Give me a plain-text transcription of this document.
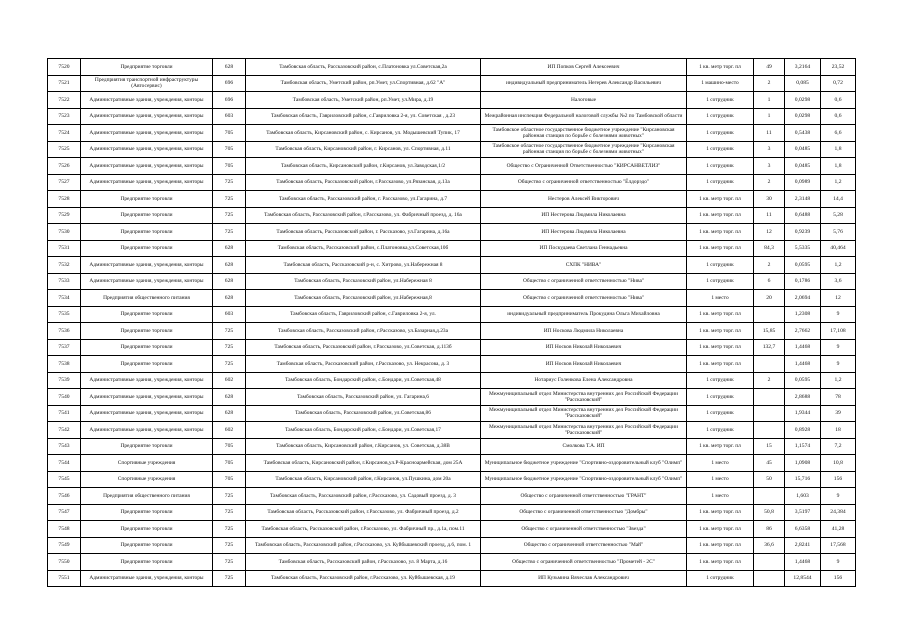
7520	Предприятие торговли	628	Тамбовская область, Рассказовский район, с.Платоновка ул.Советская,2а	ИП Попков Сергей Алексеевич	1 кв. метр торг. пл	49	3,2164	23,52
7521	Предприятия транспортной инфраструктуры (Автосервис)	696	Тамбовская область, Уметский район, рп.Умет, ул.Спортивная, д.62 "А"	индивидуальный предприниматель Негерев Александр Васильевич	1 машино-место	2	0,085	0,72
7522	Административные здания, учреждения, конторы	696	Тамбовская область, Уметский район, рп.Умет, ул.Мира, д.19	Налоговые	1 сотрудник	1	0,0298	0,6
7523	Административные здания, учреждения, конторы	603	Тамбовская область, Гавриловский район, с.Гавриловка 2-я, ул. Советская , д.23	Межрайонная инспекция Федеральной налоговой службы №2 по Тамбовской области	1 сотрудник	1	0,0298	0,6
7524	Административные здания, учреждения, конторы	705	Тамбовская область, Кирсановский район, с. Кирсанов, ул. Модышевский Тупик, 17	Тамбовское областное государственное бюджетное учреждение "Кирсановская районная станция по борьбе с болезнями животных"	1 сотрудник	11	0,5438	6,6
7525	Административные здания, учреждения, конторы	705	Тамбовская область, Кирсановский район, г. Кирсанов, ул. Спортивная, д.11	Тамбовское областное государственное бюджетное учреждение "Кирсановская районная станция по борьбе с болезнями животных"	1 сотрудник	3	0,0485	1,8
7526	Административные здания, учреждения, конторы	705	Тамбовская область, Кирсановский район, г.Кирсанов, ул.Заводская,1/2	Общество с Ограниченной Ответственностью "КИРСАНВЕТЛИЗ"	1 сотрудник	3	0,0485	1,8
7527	Административные здания, учреждения, конторы	725	Тамбовская область, Рассказовский район, г.Рассказово, ул.Рязанская, д.13а	Общество с ограниченной ответственностью "Ёлдорэдо"	1 сотрудник	2	0,0989	1,2
7528	Предприятие торговли	725	Тамбовская область, Рассказовский район, г. Рассказово, ул.Гагарина, д.7	Нестеров Алексей Викторович	1 кв. метр торг. пл	30	2,3148	14,4
7529	Предприятие торговли	725	Тамбовская область, Рассказовский район, г.Рассказово, ул. Фабричный проезд, д. 16а	ИП Нестерова Людмила Николаевна	1 кв. метр торг. пл	11	0,6488	5,28
7530	Предприятие торговли	725	Тамбовская область, Рассказовский район, г. Рассказово, ул.Гагарина, д.16а	ИП Нестерова Людмила Николаевна	1 кв. метр торг. пл	12	0,9239	5,76
7531	Предприятие торговли	628	Тамбовская область, Рассказовский район, с.Платоновка,ул.Советская,10б	ИП Поскудаева Светлана Геннадьевна	1 кв. метр торг. пл	84,3	5,5335	40,464
7532	Административные здания, учреждения, конторы	628	Тамбовская область, Рассказовский р-н, с. Хитрово, ул.Набережная 8	СХПК "НИВА"	1 сотрудник	2	0,0595	1,2
7533	Административные здания, учреждения, конторы	628	Тамбовская область, Рассказовский район, ул.Набережная 8	Общество с ограниченной ответственностью "Нива"	1 сотрудник	6	0,1786	3,6
7534	Предприятия общественного питания	628	Тамбовская область, Рассказовский район, ул.Набережная,8	Общество с ограниченной ответственностью "Нива"	1 место	20	2,0694	12
7535	Предприятие торговли	603	Тамбовская область, Гавриловский район, с.Гавриловка 2-я, ул.	индивидуальный предприниматель Прокудина Ольга Михайловна	1 кв. метр торг. пл		1,2308	9
7536	Предприятие торговли	725	Тамбовская область, Рассказовский район, г.Рассказово, ул.Базарная,д.23а	ИП Носкова Людмила Николаевна	1 кв. метр торг. пл	15,85	2,7662	17,108
7537	Предприятие торговли	725	Тамбовская область, Рассказовский район, г.Рассказово, ул.Советская, д.113б	ИП Носков Николай Николаевич	1 кв. метр торг. пл	132,7	1,4468	9
7538	Предприятие торговли	725	Тамбовская область, Рассказовский район, г.Рассказово, ул. Некрасова, д. 3	ИП Носков Николай Николаевич	1 кв. метр торг. пл		1,4468	9
7539	Административные здания, учреждения, конторы	602	Тамбовская область, Бондарский район, с.Бондари, ул.Советская,48	Нотариус Голенкова Елена Александровна	1 сотрудник	2	0,0595	1,2
7540	Административные здания, учреждения, конторы	628	Тамбовская область, Рассказовский район, ул. Гагарина,6	Межмуниципальный отдел Министерства внутренних дел Российской Федерации "Рассказовский"	1 сотрудник		2,8688	78
7541	Административные здания, учреждения, конторы	628	Тамбовская область, Рассказовский район, ул.Советская,86	Межмуниципальный отдел Министерства внутренних дел Российской Федерации "Рассказовский"	1 сотрудник		1,9344	39
7542	Административные здания, учреждения, конторы	602	Тамбовская область, Бондарский район, с.Бондари, ул.Советская,17	Межмуниципальный отдел Министерства внутренних дел Российской Федерации "Рассказовский"	1 сотрудник		0,8928	18
7543	Предприятие торговли	705	Тамбовская область, Кирсановский район, г.Кирсанов, ул. Советская, д.38В	Смолкова Т.А. ИП	1 кв. метр торг. пл	15	1,1574	7,2
7544	Спортивные учреждения	705	Тамбовская область, Кирсановский район, г.Кирсанов,ул.Р-Красноармейская, дом 25А	Муниципальное бюджетное учреждение "Спортивно-оздоровительный клуб "Олимп"	1 место	45	1,0908	10,8
7545	Спортивные учреждения	705	Тамбовская область, Кирсановский район, г.Кирсанов, ул.Пушкина, дом 20а	Муниципальное бюджетное учреждение "Спортивно-оздоровительный клуб "Олимп"	1 место	50	15,716	156
7546	Предприятия общественного питания	725	Тамбовская область, Рассказовский район, г.Рассказово, ул. Садовый проезд, д. 3	Общество с ограниченной ответственностью "ГРАНТ"	1 место		1,603	9
7547	Предприятие торговли	725	Тамбовская область, Рассказовский район, г.Рассказово, ул. Фабричный проезд, д.2	Общество с ограниченной ответственностью "Домбры"	1 кв. метр торг. пл	50,8	3,5197	24,384
7548	Предприятие торговли	725	Тамбовская область, Рассказовский район, г.Рассказово, ул. Фабричный пр., д.1а, пом.11	Общество с ограниченной ответственностью "Звезда"	1 кв. метр торг. пл	86	6,6358	41,28
7549	Предприятие торговли	725	Тамбовская область, Рассказовский район, г.Рассказово, ул. Куйбышевский проезд, д.6, пом. 1	Общество с ограниченной ответственностью "Май"	1 кв. метр торг. пл	36,6	2,8241	17,568
7550	Предприятие торговли	725	Тамбовская область, Рассказовский район, г.Рассказово, ул. 8 Марта, д.16	Общество с ограниченной ответственностью "Прометей - 2С"	1 кв. метр торг. пл		1,4468	9
7551	Административные здания, учреждения, конторы	725	Тамбовская область, Рассказовский район, г.Рассказово, ул. Куйбышевская, д.19	ИП Кузьмина Вячеслав Александрович	1 сотрудник		12,8544	156
